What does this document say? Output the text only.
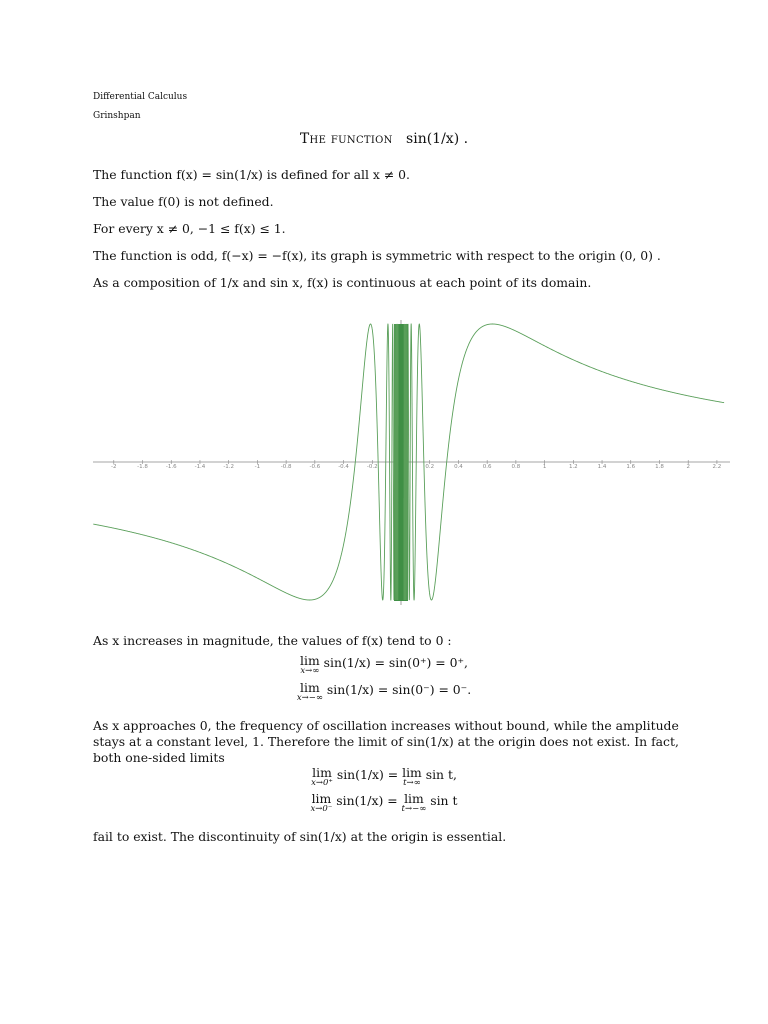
Differential Calculus
Grinshpan
The function sin(1/x) .
The function f(x) = sin(1/x) is defined for all x ≠ 0.
The value f(0) is not defined.
For every x ≠ 0, −1 ≤ f(x) ≤ 1.
The function is odd, f(−x) = −f(x), its graph is symmetric with respect to the origin (0, 0) .
As a composition of 1/x and sin x, f(x) is continuous at each point of its domain.
-2	-1.8	-1.6	-1.4	-1.2	-1	-0.8	-0.6	-0.4	-0.2	0.2	0.4	0.6	0.8	1	1.2	1.4	1.6	1.8	2	2.2
As x increases in magnitude, the values of f(x) tend to 0 :
lim
x→∞
sin(1/x) = sin(0⁺) = 0⁺,
lim
x→−∞
sin(1/x) = sin(0⁻) = 0⁻.
As x approaches 0, the frequency of oscillation increases without bound, while the amplitude stays at a constant level, 1. Therefore the limit of sin(1/x) at the origin does not exist. In fact, both one-sided limits
lim
x→0⁺
sin(1/x) = lim
t→∞
sin t,
lim
x→0⁻
sin(1/x) = lim
t→−∞
sin t
fail to exist. The discontinuity of sin(1/x) at the origin is essential.
